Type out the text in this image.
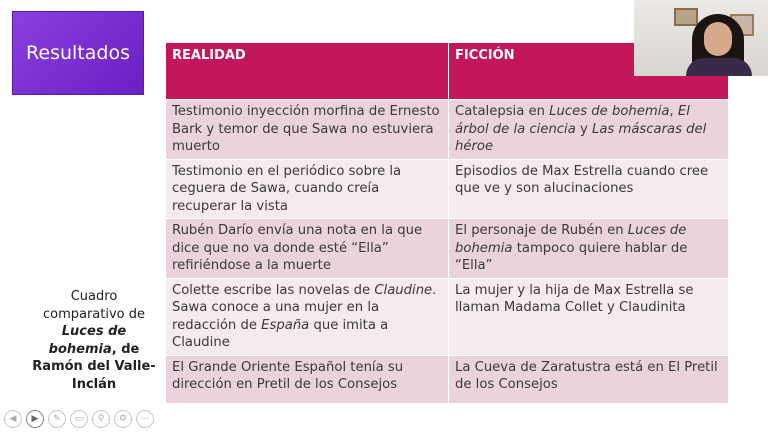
Resultados
Cuadro comparativo de Luces de bohemia, de Ramón del Valle-Inclán
REALIDAD	FICCIÓN
Testimonio inyección morfina de Ernesto Bark y temor de que Sawa no estuviera muerto	Catalepsia en Luces de bohemia, El árbol de la ciencia y Las máscaras del héroe
Testimonio en el periódico sobre la ceguera de Sawa, cuando creía recuperar la vista	Episodios de Max Estrella cuando cree que ve y son alucinaciones
Rubén Darío envía una nota en la que dice que no va donde esté “Ella” refiriéndose a la muerte	El personaje de Rubén en Luces de bohemia tampoco quiere hablar de “Ella”
Colette escribe las novelas de Claudine. Sawa conoce a una mujer en la redacción de España que imita a Claudine	La mujer y la hija de Max Estrella se llaman Madama Collet y Claudinita
El Grande Oriente Español tenía su dirección en Pretil de los Consejos	La Cueva de Zaratustra está en El Pretil de los Consejos
◀	▶	✎	▭	⚲	⚙	⋯
